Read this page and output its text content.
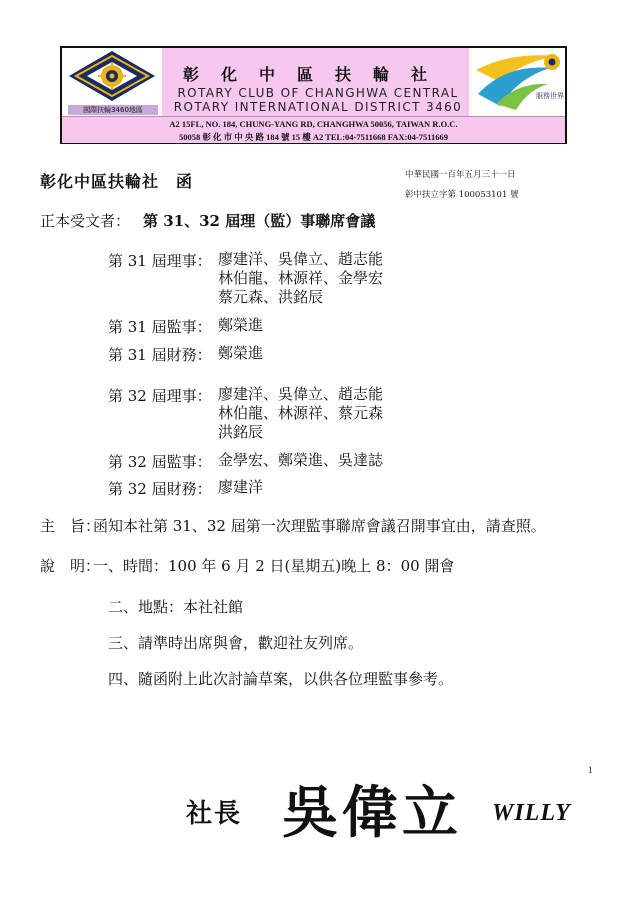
國際扶輪3460地區
服務世界
彰化中區扶輪社
ROTARY CLUB OF CHANGHWA CENTRAL
ROTARY INTERNATIONAL DISTRICT 3460
A2 15FL, NO. 184, CHUNG-YANG RD, CHANGHWA 50056, TAIWAN R.O.C.
50058 彰 化 市 中 央 路 184 號 15 樓 A2 TEL:04-7511668 FAX:04-7511669
彰化中區扶輪社　函	中華民國一百年五月三十一日
彰中扶立字第 100053101 號
正本受文者： 第 31、32 屆理（監）事聯席會議
第 31 屆理事： 廖建洋、吳偉立、趙志能
林伯龍、林源祥、金學宏
蔡元森、洪銘辰
第 31 屆監事： 鄭榮進
第 31 屆財務： 鄭榮進
第 32 屆理事： 廖建洋、吳偉立、趙志能
林伯龍、林源祥、蔡元森
洪銘辰
第 32 屆監事： 金學宏、鄭榮進、吳達誌
第 32 屆財務： 廖建洋
主　旨：
函知本社第 31、32 屆第一次理監事聯席會議召開事宜由，請查照。
說　明：
一、時間：100 年 6 月 2 日(星期五)晚上 8：00 開會
二、地點：本社社館
三、請準時出席與會，歡迎社友列席。
四、隨函附上此次討論草案，以供各位理監事參考。
1
社長 吳偉立 WILLY
